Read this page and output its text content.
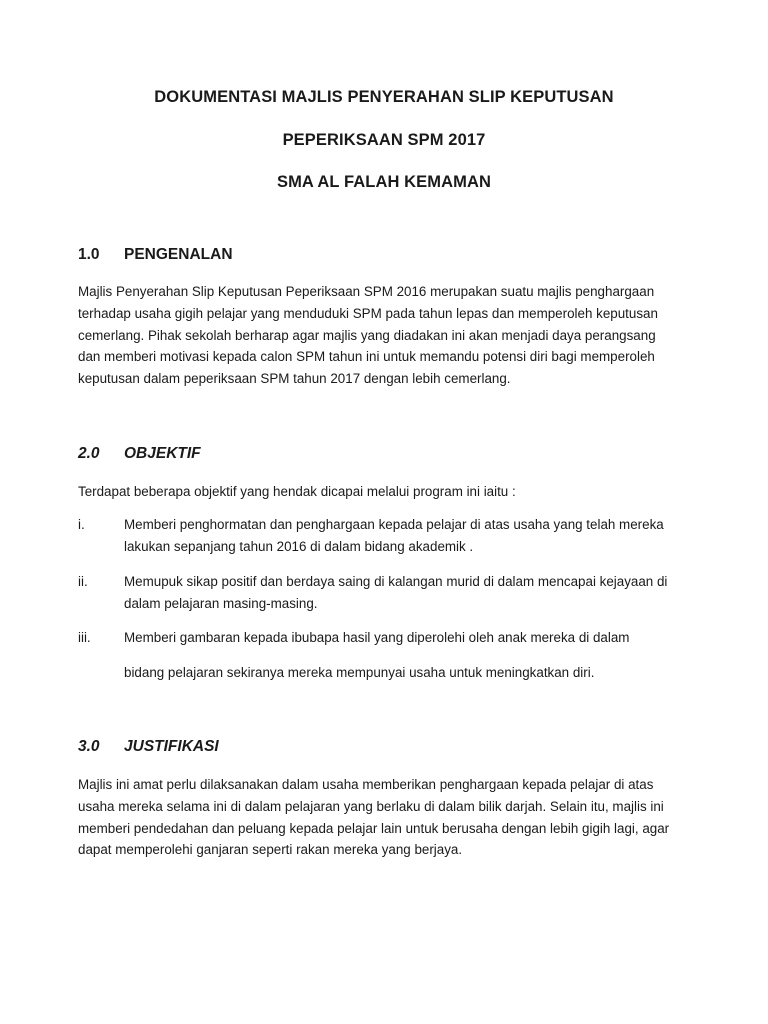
DOKUMENTASI MAJLIS PENYERAHAN SLIP KEPUTUSAN
PEPERIKSAAN SPM 2017
SMA AL FALAH KEMAMAN
1.0	PENGENALAN
Majlis Penyerahan Slip Keputusan Peperiksaan SPM 2016 merupakan suatu majlis penghargaan
terhadap usaha gigih pelajar yang menduduki SPM pada tahun lepas dan memperoleh keputusan
cemerlang. Pihak sekolah berharap agar majlis yang diadakan ini akan menjadi daya perangsang
dan memberi motivasi kepada calon SPM tahun ini untuk memandu potensi diri bagi memperoleh
keputusan dalam peperiksaan SPM tahun 2017 dengan lebih cemerlang.
2.0	OBJEKTIF
Terdapat beberapa objektif yang hendak dicapai melalui program ini iaitu :
i.	Memberi penghormatan dan penghargaan kepada pelajar di atas usaha yang telah mereka
lakukan sepanjang tahun 2016 di dalam bidang akademik .
ii.	Memupuk sikap positif dan berdaya saing di kalangan murid di dalam mencapai kejayaan di
dalam pelajaran masing-masing.
iii.	Memberi gambaran kepada ibubapa hasil yang diperolehi oleh anak mereka di dalam
bidang pelajaran sekiranya mereka mempunyai usaha untuk meningkatkan diri.
3.0	JUSTIFIKASI
Majlis ini amat perlu dilaksanakan dalam usaha memberikan penghargaan kepada pelajar di atas
usaha mereka selama ini di dalam pelajaran yang berlaku di dalam bilik darjah. Selain itu, majlis ini
memberi pendedahan dan peluang kepada pelajar lain untuk berusaha dengan lebih gigih lagi, agar
dapat memperolehi ganjaran seperti rakan mereka yang berjaya.
